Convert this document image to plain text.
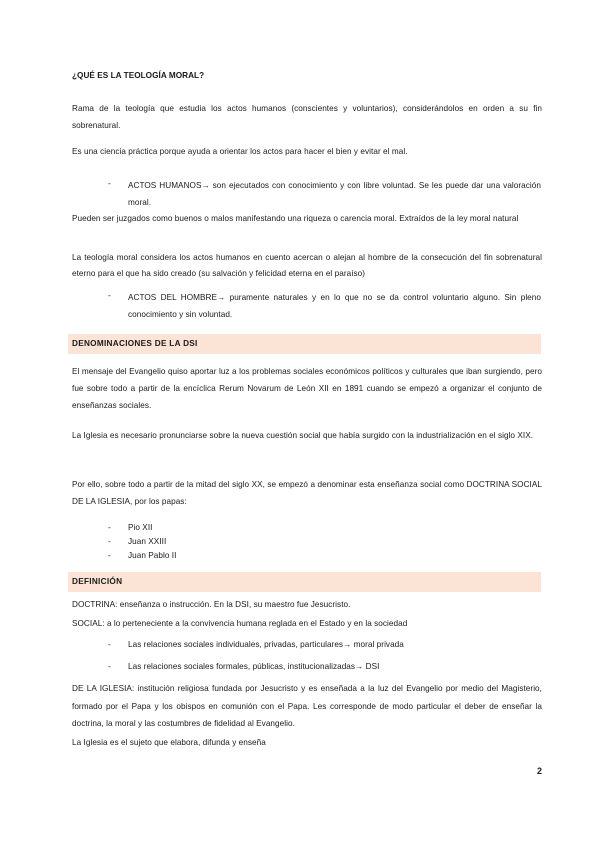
¿QUÉ ES LA TEOLOGÍA MORAL?
Rama de la teología que estudia los actos humanos (conscientes y voluntarios), considerándolos en orden a su fin sobrenatural.
Es una ciencia práctica porque ayuda a orientar los actos para hacer el bien y evitar el mal.
- ACTOS HUMANOS→ son ejecutados con conocimiento y con libre voluntad. Se les puede dar una valoración moral.
Pueden ser juzgados como buenos o malos manifestando una riqueza o carencia moral. Extraídos de la ley moral natural
La teología moral considera los actos humanos en cuento acercan o alejan al hombre de la consecución del fin sobrenatural eterno para el que ha sido creado (su salvación y felicidad eterna en el paraíso)
- ACTOS DEL HOMBRE→ puramente naturales y en lo que no se da control voluntario alguno. Sin pleno conocimiento y sin voluntad.
DENOMINACIONES DE LA DSI
El mensaje del Evangelio quiso aportar luz a los problemas sociales económicos políticos y culturales que iban surgiendo, pero fue sobre todo a partir de la encíclica Rerum Novarum de León XII en 1891 cuando se empezó a organizar el conjunto de enseñanzas sociales.
La Iglesia es necesario pronunciarse sobre la nueva cuestión social que había surgido con la industrialización en el siglo XIX.
Por ello, sobre todo a partir de la mitad del siglo XX, se empezó a denominar esta enseñanza social como DOCTRINA SOCIAL DE LA IGLESIA, por los papas:
- Pio XII
- Juan XXIII
- Juan Pablo II
DEFINICIÓN
DOCTRINA: enseñanza o instrucción. En la DSI, su maestro fue Jesucristo.
SOCIAL: a lo perteneciente a la convivencia humana reglada en el Estado y en la sociedad
- Las relaciones sociales individuales, privadas, particulares→ moral privada
- Las relaciones sociales formales, públicas, institucionalizadas→ DSI
DE LA IGLESIA: institución religiosa fundada por Jesucristo y es enseñada a la luz del Evangelio por medio del Magisterio, formado por el Papa y los obispos en comunión con el Papa. Les corresponde de modo particular el deber de enseñar la doctrina, la moral y las costumbres de fidelidad al Evangelio.
La Iglesia es el sujeto que elabora, difunda y enseña
2
